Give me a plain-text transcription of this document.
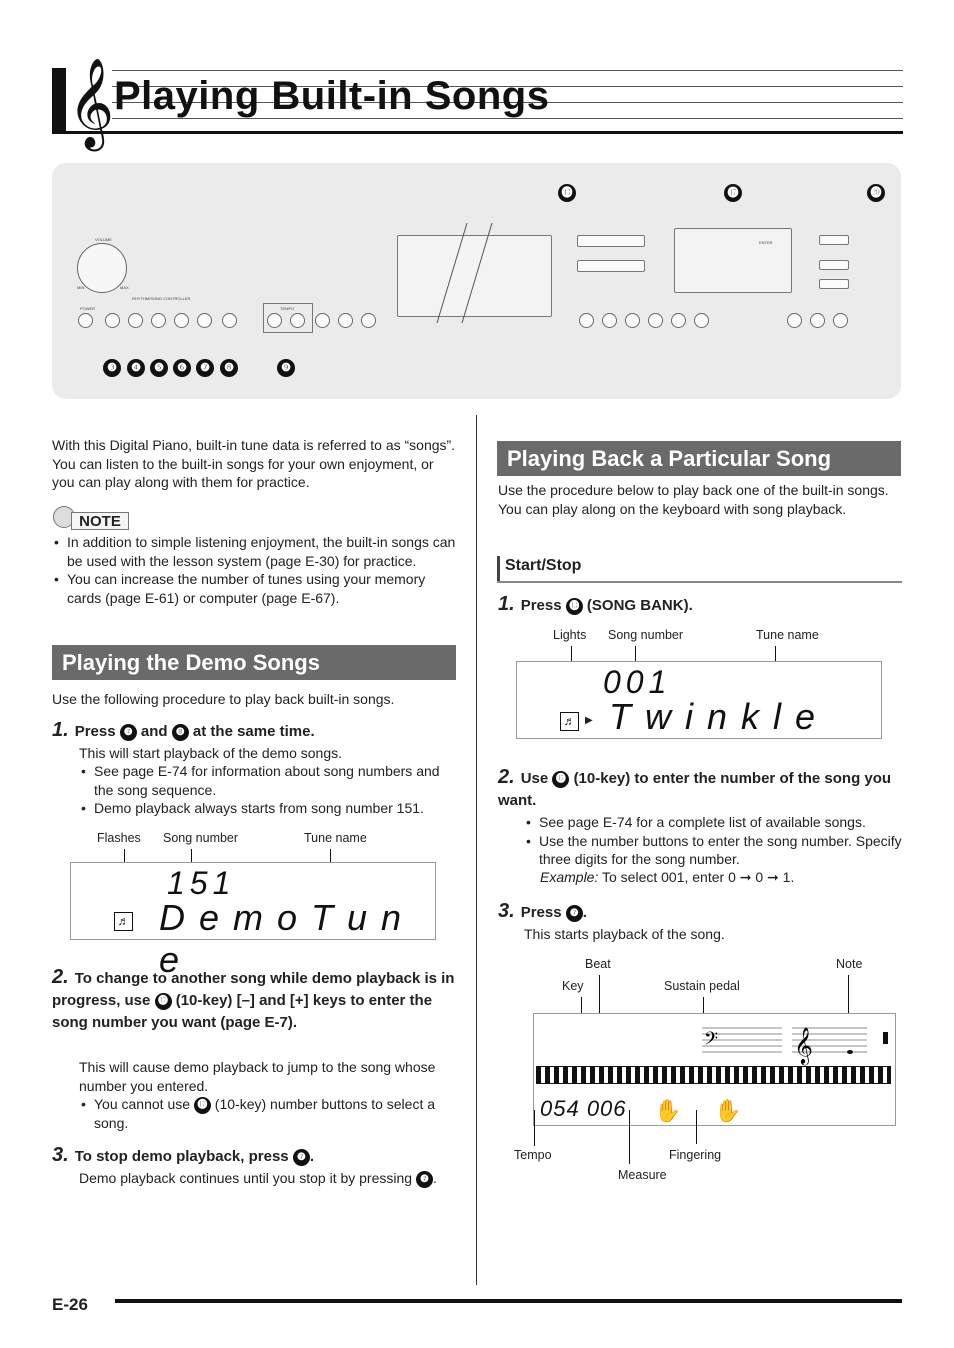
𝄞 Playing Built-in Songs
VOLUME
MIN	MAX
RHYTHM/SONG CONTROLLER
POWER	TEMPO
ENTER
❸	❹	❺	❻	❼	❽	❾
⓭	⓱	⓴

With this Digital Piano, built-in tune data is referred to as “songs”. You can listen to the built-in songs for your own enjoyment, or you can play along with them for practice.

NOTE
• In addition to simple listening enjoyment, the built-in songs can be used with the lesson system (page E-30) for practice.
• You can increase the number of tunes using your memory cards (page E-61) or computer (page E-67).
Playing the Demo Songs

Use the following procedure to play back built-in songs.

1. Press ❼ and ❽ at the same time.

This will start playback of the demo songs.

• See page E-74 for information about song numbers and the song sequence.
• Demo playback always starts from song number 151.
Flashes Song number	Tune name
151
♬ D e m o T u n e
2. To change to another song while demo playback is in progress, use ⓱ (10-key) [–] and [+] keys to enter the song number you want (page E-7).

This will cause demo playback to jump to the song whose number you entered.

• You cannot use ⓱ (10-key) number buttons to select a song.
3. To stop demo playback, press ❼ .

Demo playback continues until you stop it by pressing ❼ .

Playing Back a Particular Song

Use the procedure below to play back one of the built-in songs. You can play along on the keyboard with song playback.

Start/Stop
1. Press ⓭ (SONG BANK).
Lights Song number	Tune name
001
♬ ▶ T w i n k l e
2. Use ⓱ (10-key) to enter the number of the song you want.
• See page E-74 for a complete list of available songs.
• Use the number buttons to enter the song number. Specify three digits for the song number.

Example: To select 001, enter 0 ➞ 0 ➞ 1.

3. Press ❼ .

This starts playback of the song.

Beat	Note
Key	Sustain pedal
𝄢 𝄞
054 006 ✋ ✋
Tempo	Fingering
Measure
E-26
